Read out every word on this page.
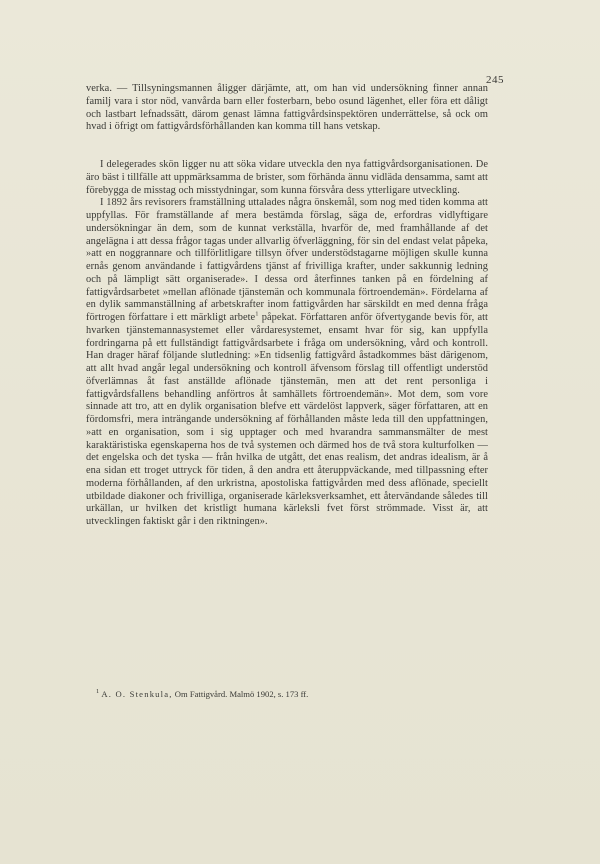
245

verka. — Tillsyningsmannen åligger därjämte, att, om han vid undersökning finner annan familj vara i stor nöd, vanvårda barn eller fosterbarn, bebo osund lägenhet, eller föra ett dåligt och lastbart lefnadssätt, därom genast lämna fattigvårdsinspektören underrättelse, så ock om hvad i öfrigt om fattigvårdsförhållanden kan komma till hans vetskap.

I delegerades skön ligger nu att söka vidare utveckla den nya fattigvårdsorganisationen. De äro bäst i tillfälle att uppmärksamma de brister, som förhända ännu vidläda densamma, samt att förebygga de misstag och misstydningar, som kunna försvåra dess ytterligare utveckling.

I 1892 års revisorers framställning uttalades några önskemål, som nog med tiden komma att uppfyllas. För framställande af mera bestämda förslag, säga de, erfordras vidlyftigare undersökningar än dem, som de kunnat verkställa, hvarför de, med framhållande af det angelägna i att dessa frågor tagas under allvarlig öfverläggning, för sin del endast velat påpeka, »att en noggrannare och tillförlitligare tillsyn öfver understödstagarne möjligen skulle kunna ernås genom användande i fattigvårdens tjänst af frivilliga krafter, under sakkunnig ledning och på lämpligt sätt organiserade». I dessa ord återfinnes tanken på en fördelning af fattigvårdsarbetet »mellan aflönade tjänstemän och kommunala förtroendemän». Fördelarna af en dylik sammanställning af arbetskrafter inom fattigvården har särskildt en med denna fråga förtrogen författare i ett märkligt arbete$^1$ påpekat. Författaren anför öfvertygande bevis för, att hvarken tjänstemannasystemet eller vårdaresystemet, ensamt hvar för sig, kan uppfylla fordringarna på ett fullständigt fattigvårdsarbete i fråga om undersökning, vård och kontroll. Han drager häraf följande slutledning: »En tidsenlig fattigvård åstadkommes bäst därigenom, att allt hvad angår legal undersökning och kontroll äfvensom förslag till offentligt understöd öfverlämnas åt fast anställde aflönade tjänstemän, men att det rent personliga i fattigvårdsfallens behandling anförtros åt samhällets förtroendemän». Mot dem, som vore sinnade att tro, att en dylik organisation blefve ett värdelöst lappverk, säger författaren, att en fördomsfri, mera inträngande undersökning af förhållanden måste leda till den uppfattningen, »att en organisation, som i sig upptager och med hvarandra sammansmälter de mest karaktäristiska egenskaperna hos de två systemen och därmed hos de två stora kulturfolken — det engelska och det tyska — från hvilka de utgått, det enas realism, det andras idealism, är å ena sidan ett troget uttryck för tiden, å den andra ett återuppväckande, med tillpassning efter moderna förhållanden, af den urkristna, apostoliska fattigvården med dess aflönade, speciellt utbildade diakoner och frivilliga, organiserade kärleksverksamhet, ett återvändande således till urkällan, ur hvilken det kristligt humana kärleksli fvet först strömmade. Visst är, att utvecklingen faktiskt går i den riktningen».

$^1$ A. O. Stenkula, Om Fattigvård. Malmö 1902, s. 173 ff.
